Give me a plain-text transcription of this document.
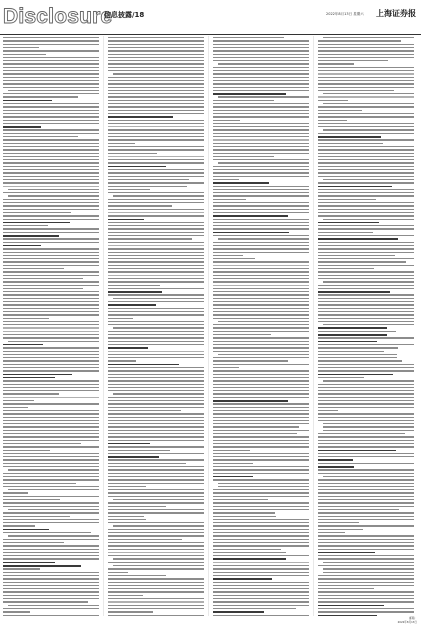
Disclosure
信息披露/18	2022年8月13日 星期六 上海证券报
邮箱：
2022年8月13日
